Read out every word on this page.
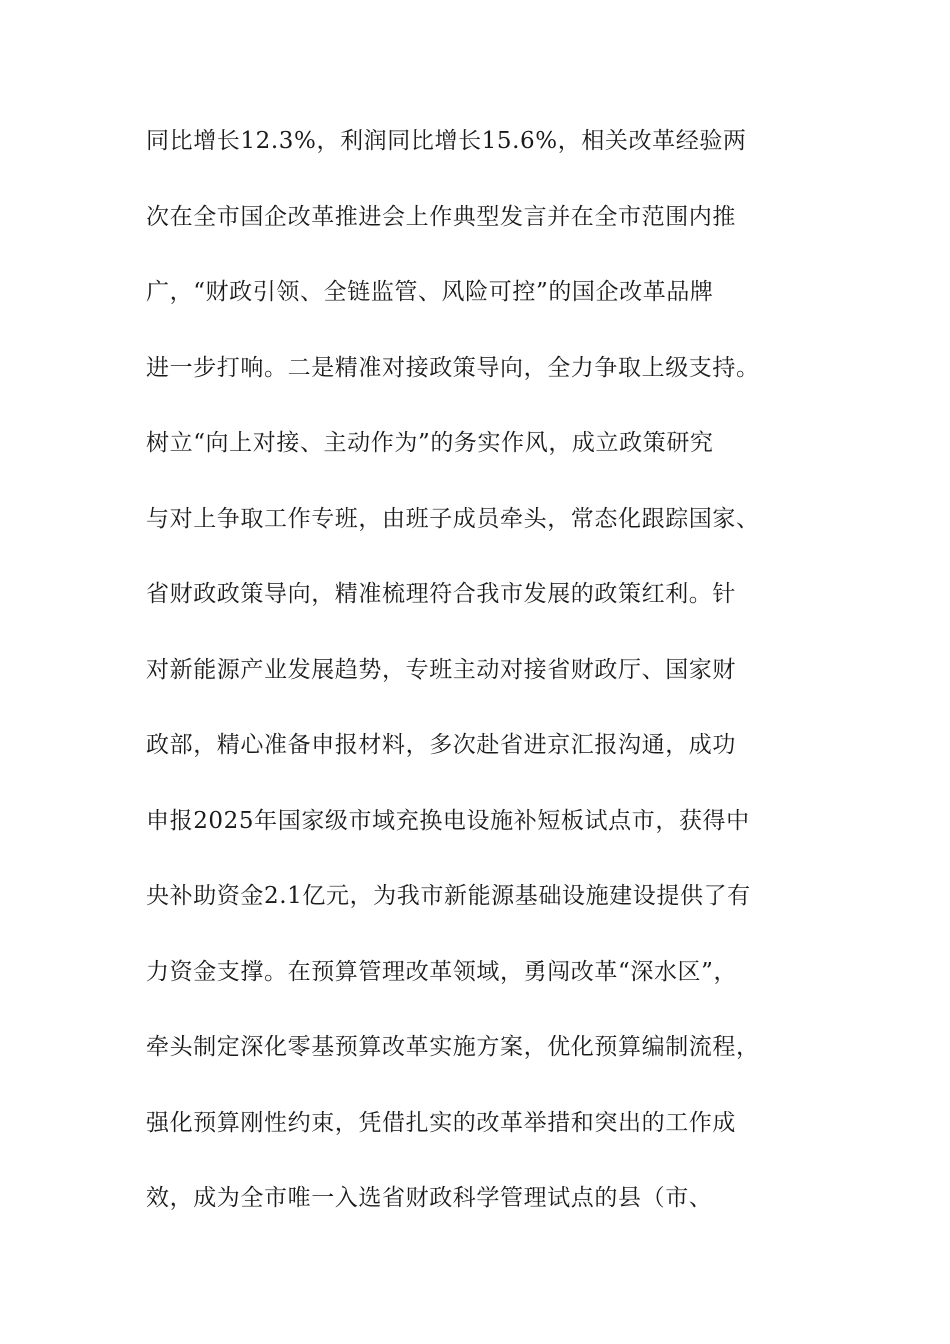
同比增长12.3%，利润同比增长15.6%，相关改革经验两
次在全市国企改革推进会上作典型发言并在全市范围内推
广，“财政引领、全链监管、风险可控”的国企改革品牌
进一步打响。二是精准对接政策导向，全力争取上级支持。
树立“向上对接、主动作为”的务实作风，成立政策研究
与对上争取工作专班，由班子成员牵头，常态化跟踪国家、
省财政政策导向，精准梳理符合我市发展的政策红利。针
对新能源产业发展趋势，专班主动对接省财政厅、国家财
政部，精心准备申报材料，多次赴省进京汇报沟通，成功
申报2025年国家级市域充换电设施补短板试点市，获得中
央补助资金2.1亿元，为我市新能源基础设施建设提供了有
力资金支撑。在预算管理改革领域，勇闯改革“深水区”，
牵头制定深化零基预算改革实施方案，优化预算编制流程，
强化预算刚性约束，凭借扎实的改革举措和突出的工作成
效，成为全市唯一入选省财政科学管理试点的县（市、
